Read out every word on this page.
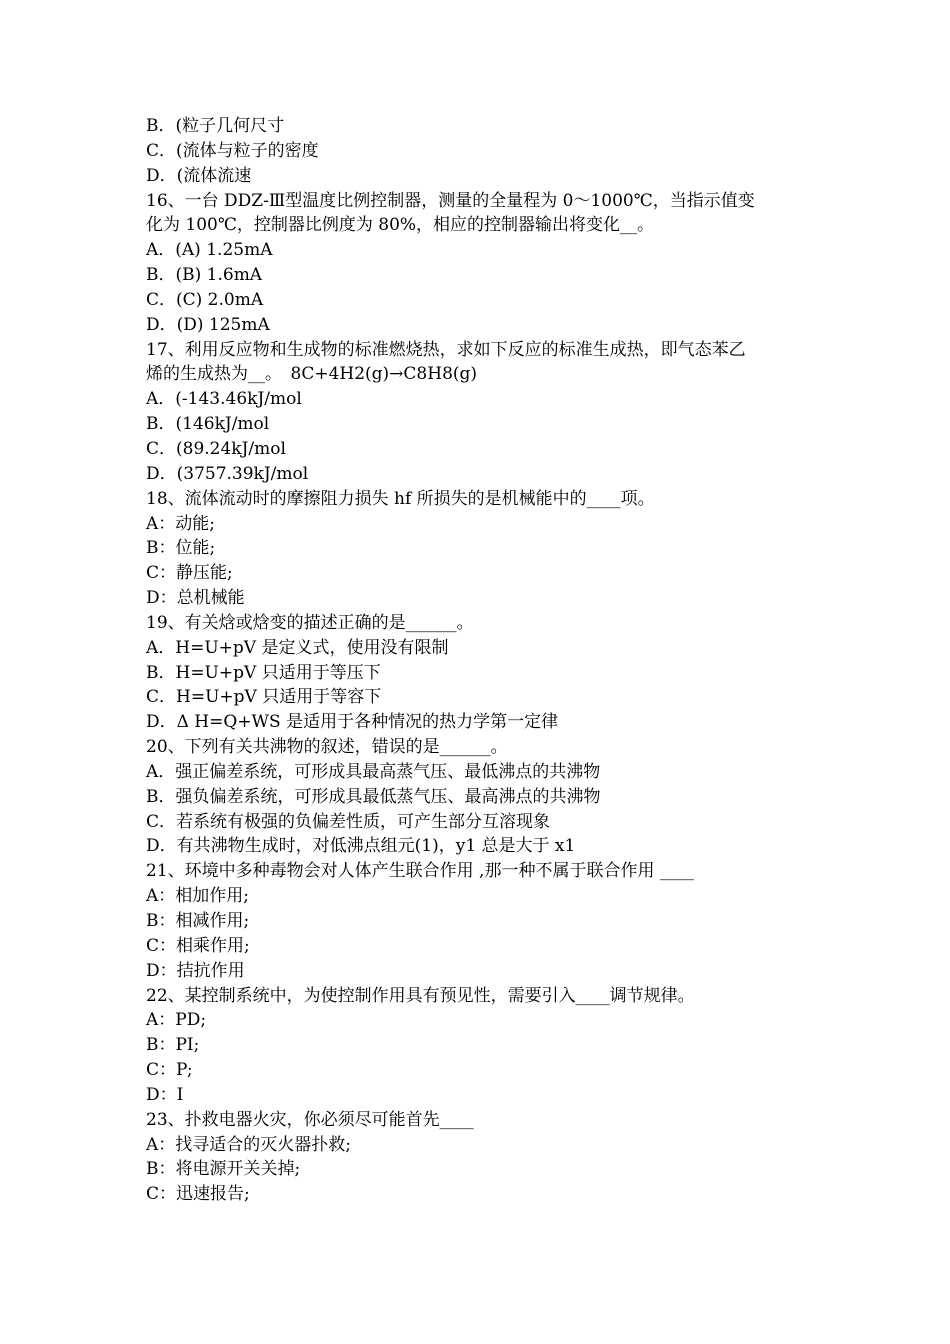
B．(粒子几何尺寸
C．(流体与粒子的密度
D．(流体流速
16、一台 DDZ-Ⅲ型温度比例控制器，测量的全量程为 0～1000℃，当指示值变
化为 100℃，控制器比例度为 80%，相应的控制器输出将变化__。
A．(A) 1.25mA
B．(B) 1.6mA
C．(C) 2.0mA
D．(D) 125mA
17、利用反应物和生成物的标准燃烧热，求如下反应的标准生成热，即气态苯乙
烯的生成热为__。　8C+4H2(g)→C8H8(g)
A．(-143.46kJ/mol
B．(146kJ/mol
C．(89.24kJ/mol
D．(3757.39kJ/mol
18、流体流动时的摩擦阻力损失 hf 所损失的是机械能中的____项。
A：动能;
B：位能;
C：静压能;
D：总机械能
19、有关焓或焓变的描述正确的是______。
A．H=U+pV 是定义式，使用没有限制
B．H=U+pV 只适用于等压下
C．H=U+pV 只适用于等容下
D．Δ H=Q+WS 是适用于各种情况的热力学第一定律
20、下列有关共沸物的叙述，错误的是______。
A．强正偏差系统，可形成具最高蒸气压、最低沸点的共沸物
B．强负偏差系统，可形成具最低蒸气压、最高沸点的共沸物
C．若系统有极强的负偏差性质，可产生部分互溶现象
D．有共沸物生成时，对低沸点组元(1)，y1 总是大于 x1
21、环境中多种毒物会对人体产生联合作用 ,那一种不属于联合作用 ____
A：相加作用;
B：相减作用;
C：相乘作用;
D：拮抗作用
22、某控制系统中，为使控制作用具有预见性，需要引入____调节规律。
A：PD;
B：PI;
C：P;
D：I
23、扑救电器火灾，你必须尽可能首先____
A：找寻适合的灭火器扑救;
B：将电源开关关掉;
C：迅速报告;
